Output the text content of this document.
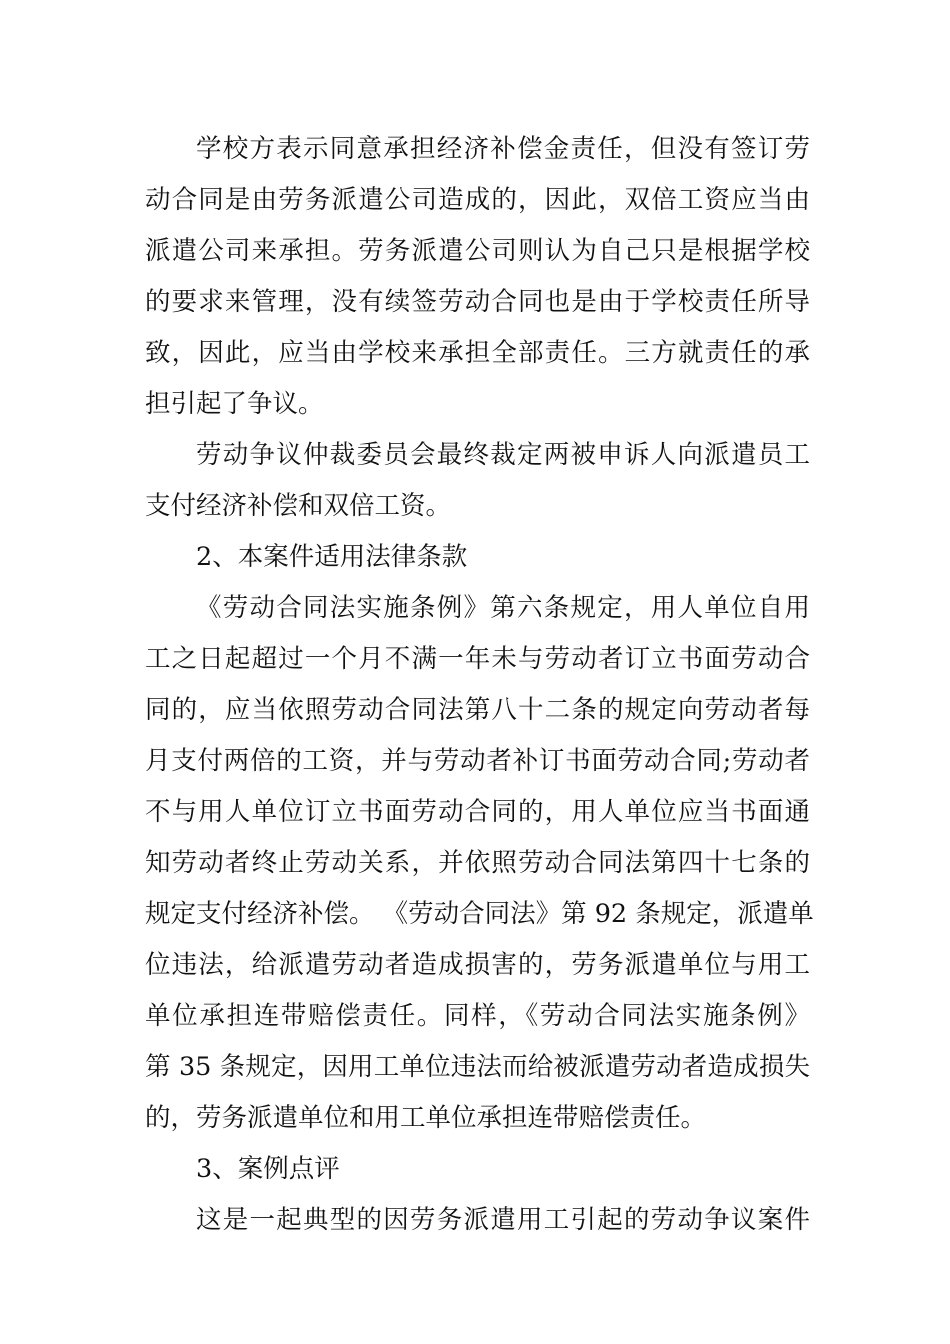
学校方表示同意承担经济补偿金责任，但没有签订劳
动合同是由劳务派遣公司造成的，因此，双倍工资应当由
派遣公司来承担。劳务派遣公司则认为自己只是根据学校
的要求来管理，没有续签劳动合同也是由于学校责任所导
致，因此，应当由学校来承担全部责任。三方就责任的承
担引起了争议。
劳动争议仲裁委员会最终裁定两被申诉人向派遣员工
支付经济补偿和双倍工资。
2、本案件适用法律条款
《劳动合同法实施条例》第六条规定，用人单位自用
工之日起超过一个月不满一年未与劳动者订立书面劳动合
同的，应当依照劳动合同法第八十二条的规定向劳动者每
月支付两倍的工资，并与劳动者补订书面劳动合同;劳动者
不与用人单位订立书面劳动合同的，用人单位应当书面通
知劳动者终止劳动关系，并依照劳动合同法第四十七条的
规定支付经济补偿。 《劳动合同法》第 92 条规定，派遣单
位违法，给派遣劳动者造成损害的，劳务派遣单位与用工
单位承担连带赔偿责任。同样，《劳动合同法实施条例》
第 35 条规定，因用工单位违法而给被派遣劳动者造成损失
的，劳务派遣单位和用工单位承担连带赔偿责任。
3、案例点评
这是一起典型的因劳务派遣用工引起的劳动争议案件
